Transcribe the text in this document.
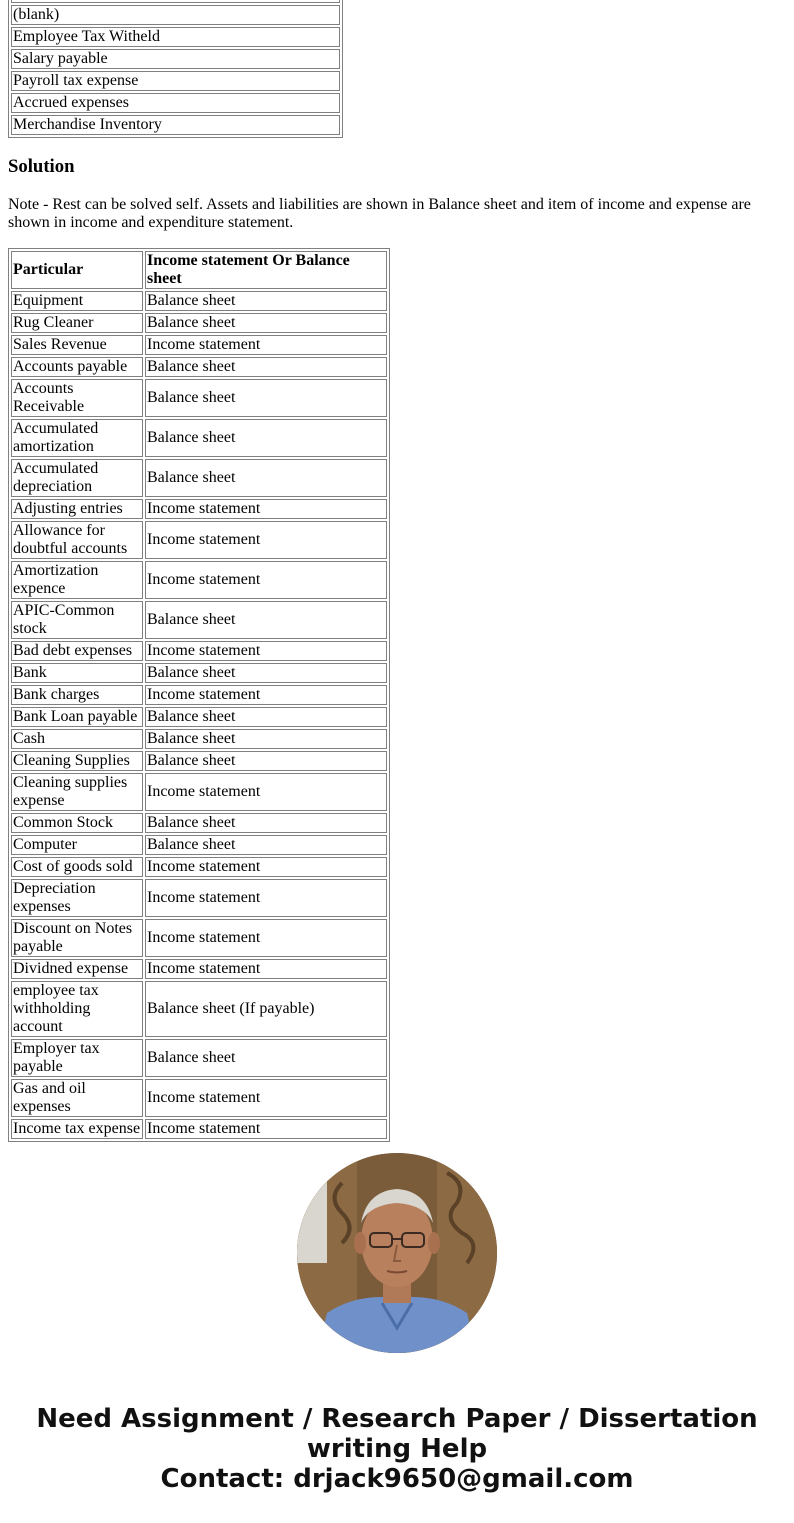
(blank)
Employee Tax Witheld
Salary payable
Payroll tax expense
Accrued expenses
Merchandise Inventory
Solution

Note - Rest can be solved self. Assets and liabilities are shown in Balance sheet and item of income and expense are shown in income and expenditure statement.

Particular	Income statement Or Balance sheet
Equipment	Balance sheet
Rug Cleaner	Balance sheet
Sales Revenue	Income statement
Accounts payable	Balance sheet
Accounts Receivable	Balance sheet
Accumulated amortization	Balance sheet
Accumulated depreciation	Balance sheet
Adjusting entries	Income statement
Allowance for doubtful accounts	Income statement
Amortization expence	Income statement
APIC-Common stock	Balance sheet
Bad debt expenses	Income statement
Bank	Balance sheet
Bank charges	Income statement
Bank Loan payable	Balance sheet
Cash	Balance sheet
Cleaning Supplies	Balance sheet
Cleaning supplies expense	Income statement
Common Stock	Balance sheet
Computer	Balance sheet
Cost of goods sold	Income statement
Depreciation expenses	Income statement
Discount on Notes payable	Income statement
Dividned expense	Income statement
employee tax withholding account	Balance sheet (If payable)
Employer tax payable	Balance sheet
Gas and oil expenses	Income statement
Income tax expense	Income statement
Need Assignment / Research Paper / Dissertation
writing Help
Contact: drjack9650@gmail.com
